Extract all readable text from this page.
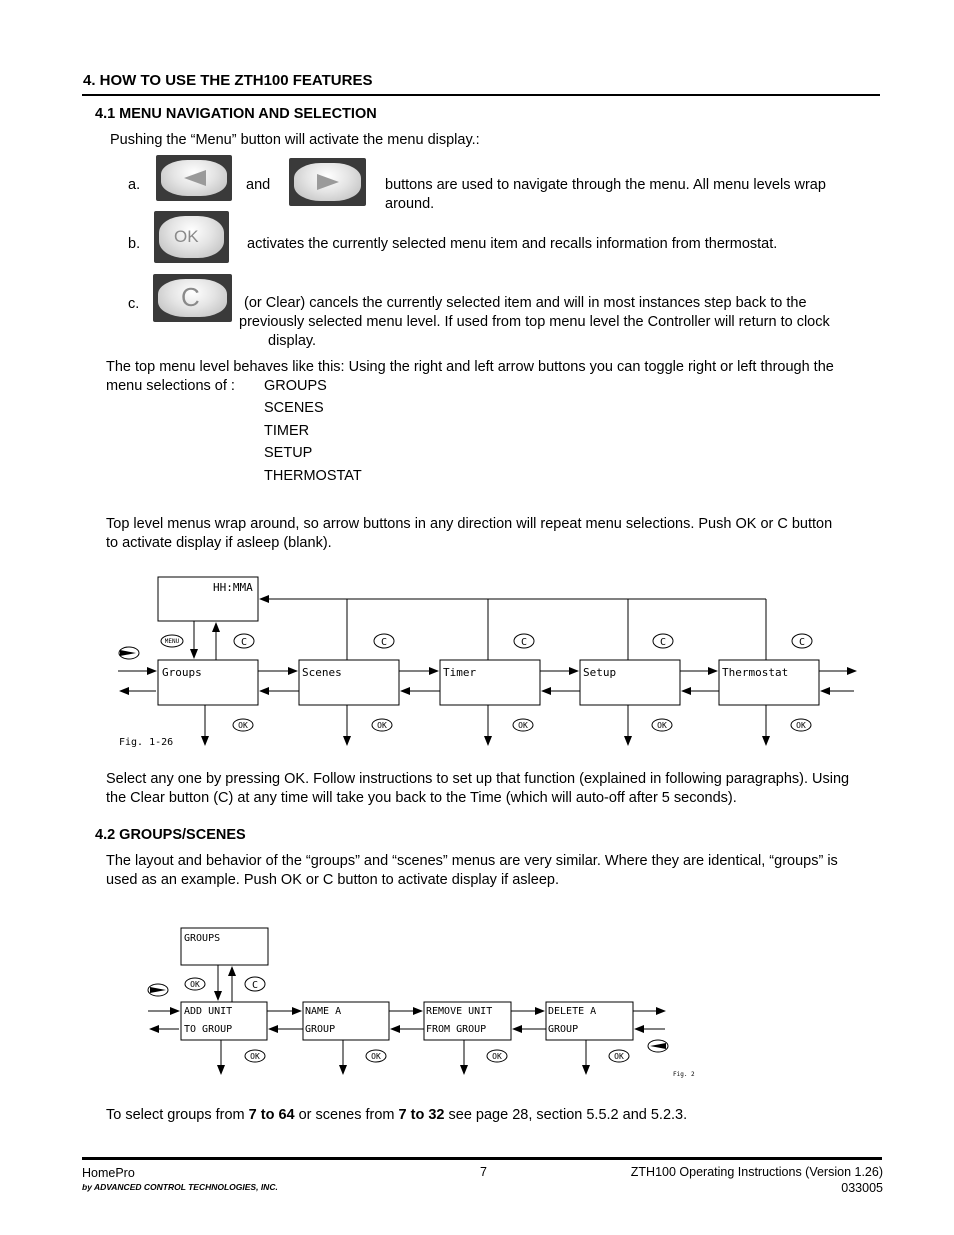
4. HOW TO USE THE ZTH100 FEATURES
4.1 MENU NAVIGATION AND SELECTION
Pushing the “Menu” button will activate the menu display.:
a.	and	buttons are used to navigate through the menu. All menu levels wrap
around.
b. OK	activates the currently selected menu item and recalls information from thermostat.
c. C	(or Clear) cancels the currently selected item and will in most instances step back to the
previously selected menu level. If used from top menu level the Controller will return to clock
display.
The top menu level behaves like this: Using the right and left arrow buttons you can toggle right or left through the
menu selections of : GROUPS
SCENES
TIMER
SETUP
THERMOSTAT
Top level menus wrap around, so arrow buttons in any direction will repeat menu selections. Push OK or C button
to activate display if asleep (blank).
HH:MMA
Groups	Scenes	Timer	Setup	Thermostat
Fig. 1-26
MENU	C	C	C	C	C
OK	OK	OK	OK	OK
GROUPS
ADD UNIT
TO GROUP
NAME A
GROUP
REMOVE UNIT
FROM GROUP
DELETE A
GROUP
OK
OK	OK	OK	OK
C
Fig. 2
Select any one by pressing OK. Follow instructions to set up that function (explained in following paragraphs). Using
the Clear button (C) at any time will take you back to the Time (which will auto-off after 5 seconds).
4.2 GROUPS/SCENES
The layout and behavior of the “groups” and “scenes” menus are very similar. Where they are identical, “groups” is
used as an example. Push OK or C button to activate display if asleep.
To select groups from 7 to 64 or scenes from 7 to 32 see page 28, section 5.5.2 and 5.2.3.
HomePro
by ADVANCED CONTROL TECHNOLOGIES, INC.
7	ZTH100 Operating Instructions (Version 1.26)
033005
